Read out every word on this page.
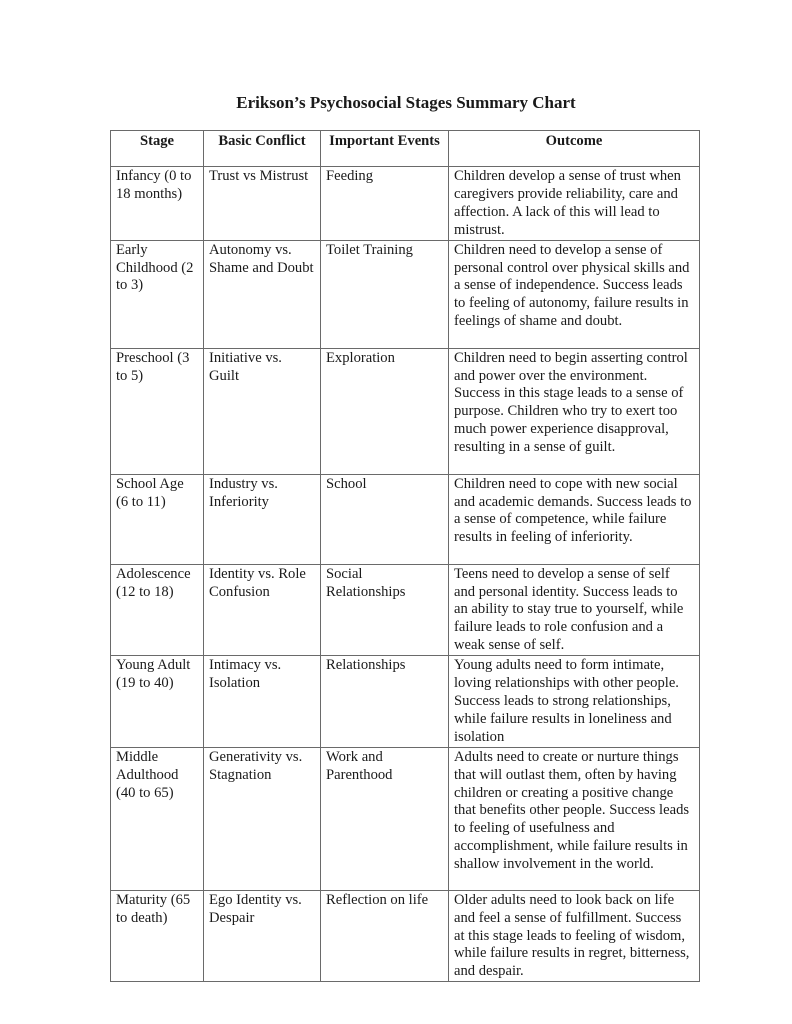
Erikson’s Psychosocial Stages Summary Chart
Stage	Basic Conflict	Important Events	Outcome
Infancy (0 to 18 months)	Trust vs Mistrust	Feeding	Children develop a sense of trust when caregivers provide reliability, care and affection. A lack of this will lead to mistrust.
Early Childhood (2 to 3)	Autonomy vs. Shame and Doubt	Toilet Training	Children need to develop a sense of personal control over physical skills and a sense of independence. Success leads to feeling of autonomy, failure results in feelings of shame and doubt.
Preschool (3 to 5)	Initiative vs. Guilt	Exploration	Children need to begin asserting control and power over the environment. Success in this stage leads to a sense of purpose. Children who try to exert too much power experience disapproval, resulting in a sense of guilt.
School Age (6 to 11)	Industry vs. Inferiority	School	Children need to cope with new social and academic demands. Success leads to a sense of competence, while failure results in feeling of inferiority.
Adolescence (12 to 18)	Identity vs. Role Confusion	Social Relationships	Teens need to develop a sense of self and personal identity. Success leads to an ability to stay true to yourself, while failure leads to role confusion and a weak sense of self.
Young Adult (19 to 40)	Intimacy vs. Isolation	Relationships	Young adults need to form intimate, loving relationships with other people. Success leads to strong relationships, while failure results in loneliness and isolation
Middle Adulthood (40 to 65)	Generativity vs. Stagnation	Work and Parenthood	Adults need to create or nurture things that will outlast them, often by having children or creating a positive change that benefits other people. Success leads to feeling of usefulness and accomplishment, while failure results in shallow involvement in the world.
Maturity (65 to death)	Ego Identity vs. Despair	Reflection on life	Older adults need to look back on life and feel a sense of fulfillment. Success at this stage leads to feeling of wisdom, while failure results in regret, bitterness, and despair.
